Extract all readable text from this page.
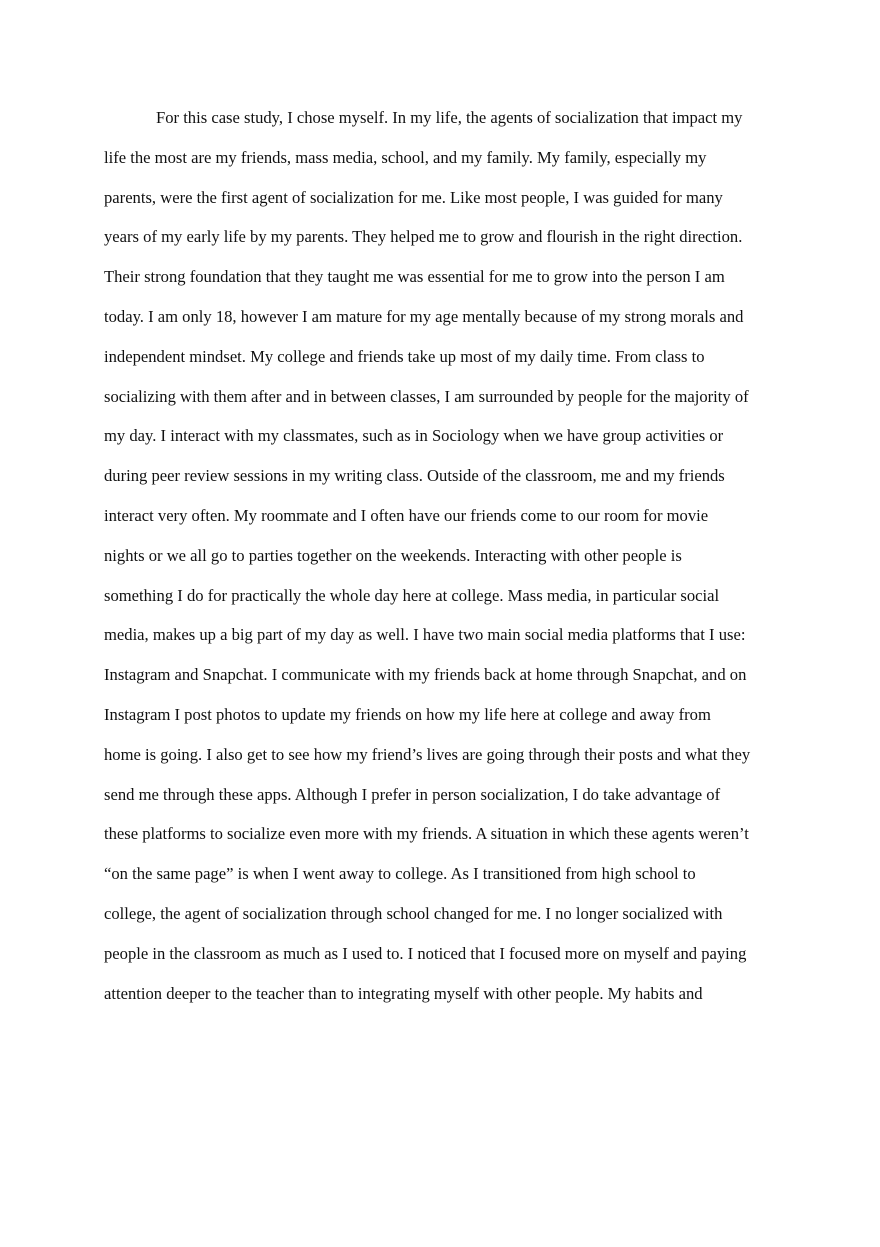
For this case study, I chose myself. In my life, the agents of socialization that impact my
life the most are my friends, mass media, school, and my family. My family, especially my
parents, were the first agent of socialization for me. Like most people, I was guided for many
years of my early life by my parents. They helped me to grow and flourish in the right direction.
Their strong foundation that they taught me was essential for me to grow into the person I am
today. I am only 18, however I am mature for my age mentally because of my strong morals and
independent mindset. My college and friends take up most of my daily time. From class to
socializing with them after and in between classes, I am surrounded by people for the majority of
my day. I interact with my classmates, such as in Sociology when we have group activities or
during peer review sessions in my writing class. Outside of the classroom, me and my friends
interact very often. My roommate and I often have our friends come to our room for movie
nights or we all go to parties together on the weekends. Interacting with other people is
something I do for practically the whole day here at college. Mass media, in particular social
media, makes up a big part of my day as well. I have two main social media platforms that I use:
Instagram and Snapchat. I communicate with my friends back at home through Snapchat, and on
Instagram I post photos to update my friends on how my life here at college and away from
home is going. I also get to see how my friend’s lives are going through their posts and what they
send me through these apps. Although I prefer in person socialization, I do take advantage of
these platforms to socialize even more with my friends. A situation in which these agents weren’t
“on the same page” is when I went away to college. As I transitioned from high school to
college, the agent of socialization through school changed for me. I no longer socialized with
people in the classroom as much as I used to. I noticed that I focused more on myself and paying
attention deeper to the teacher than to integrating myself with other people. My habits and
